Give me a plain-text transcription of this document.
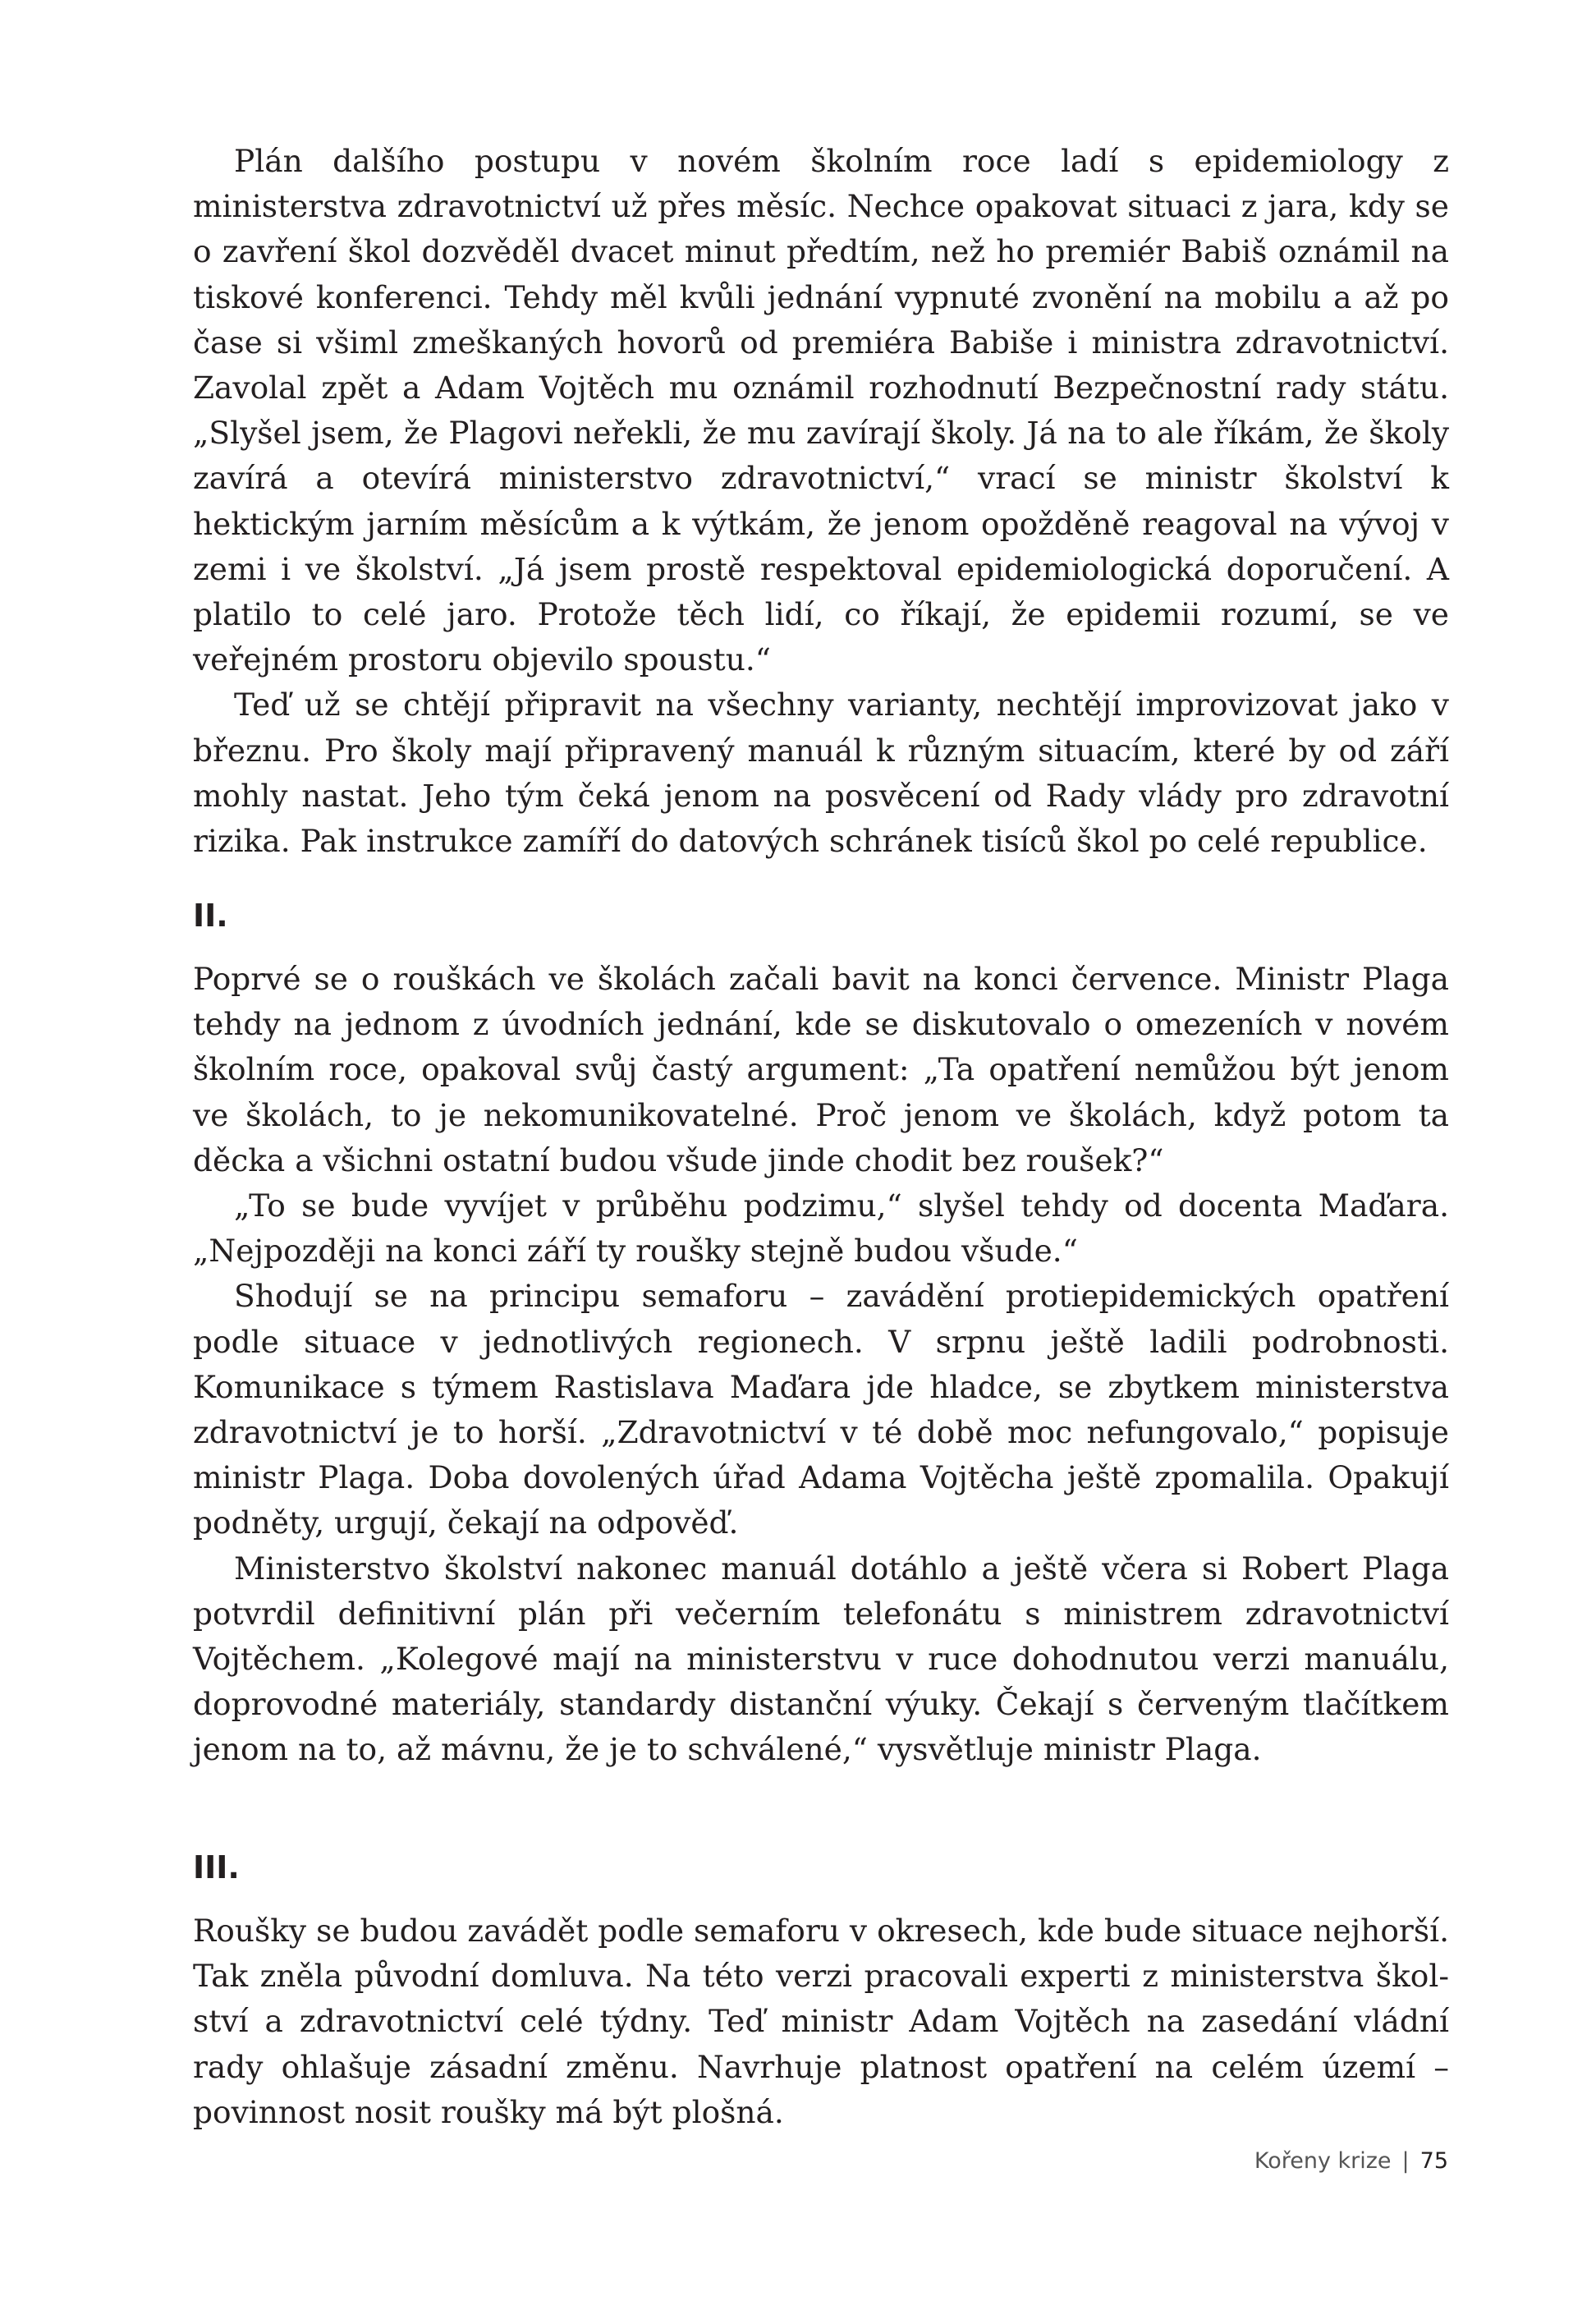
Plán dalšího postupu v novém školním roce ladí s epidemiology z ministerstva zdravotnictví už přes měsíc. Nechce opakovat situaci z jara, kdy se o zavření škol dozvěděl dvacet minut předtím, než ho premiér Babiš oznámil na tiskové konferenci. Tehdy měl kvůli jednání vypnuté zvonění na mobilu a až po čase si všiml zmeškaných hovorů od premiéra Babiše i ministra zdravotnictví. Zavolal zpět a Adam Vojtěch mu oznámil rozhodnutí Bezpečnostní rady státu. „Slyšel jsem, že Plagovi neřekli, že mu zavírají školy. Já na to ale říkám, že školy zavírá a otevírá ministerstvo zdravotnictví,“ vrací se ministr školství k hektickým jarním měsícům a k výtkám, že jenom opožděně reagoval na vývoj v zemi i ve školství. „Já jsem prostě respektoval epidemiologická doporučení. A platilo to celé jaro. Protože těch lidí, co říkají, že epidemii rozumí, se ve veřejném prostoru objevilo spoustu.“

Teď už se chtějí připravit na všechny varianty, nechtějí improvizovat jako v březnu. Pro školy mají připravený manuál k různým situacím, které by od září mohly nastat. Jeho tým čeká jenom na posvěcení od Rady vlády pro zdravotní rizika. Pak instrukce zamíří do datových schránek tisíců škol po celé republice.

II.

Poprvé se o rouškách ve školách začali bavit na konci července. Ministr Plaga tehdy na jednom z úvodních jednání, kde se diskutovalo o omezeních v novém školním roce, opakoval svůj častý argument: „Ta opatření nemůžou být jenom ve školách, to je nekomunikovatelné. Proč jenom ve školách, když potom ta děcka a všichni ostatní budou všude jinde chodit bez roušek?“

„To se bude vyvíjet v průběhu podzimu,“ slyšel tehdy od docenta Maďara. „Nejpozději na konci září ty roušky stejně budou všude.“

Shodují se na principu semaforu – zavádění protiepidemických opatření podle situace v jednotlivých regionech. V srpnu ještě ladili podrobnosti. Komunikace s týmem Rastislava Maďara jde hladce, se zbytkem ministerstva zdravotnictví je to horší. „Zdravotnictví v té době moc nefungovalo,“ popisuje ministr Plaga. Doba dovolených úřad Adama Vojtěcha ještě zpomalila. Opakují podněty, urgují, čekají na odpověď.

Ministerstvo školství nakonec manuál dotáhlo a ještě včera si Robert Plaga potvrdil definitivní plán při večerním telefonátu s ministrem zdravotnictví Vojtěchem. „Kolegové mají na ministerstvu v ruce dohodnutou verzi manuálu, doprovodné materiály, standardy distanční výuky. Čekají s červeným tlačítkem jenom na to, až mávnu, že je to schválené,“ vysvětluje ministr Plaga.

III.

Roušky se budou zavádět podle semaforu v okresech, kde bude situace nejhorší. Tak zněla původní domluva. Na této verzi pracovali experti z ministerstva školství a zdravotnictví celé týdny. Teď ministr Adam Vojtěch na zasedání vládní rady ohlašuje zásadní změnu. Navrhuje platnost opatření na celém území – povinnost nosit roušky má být plošná.

Kořeny krize | 75
